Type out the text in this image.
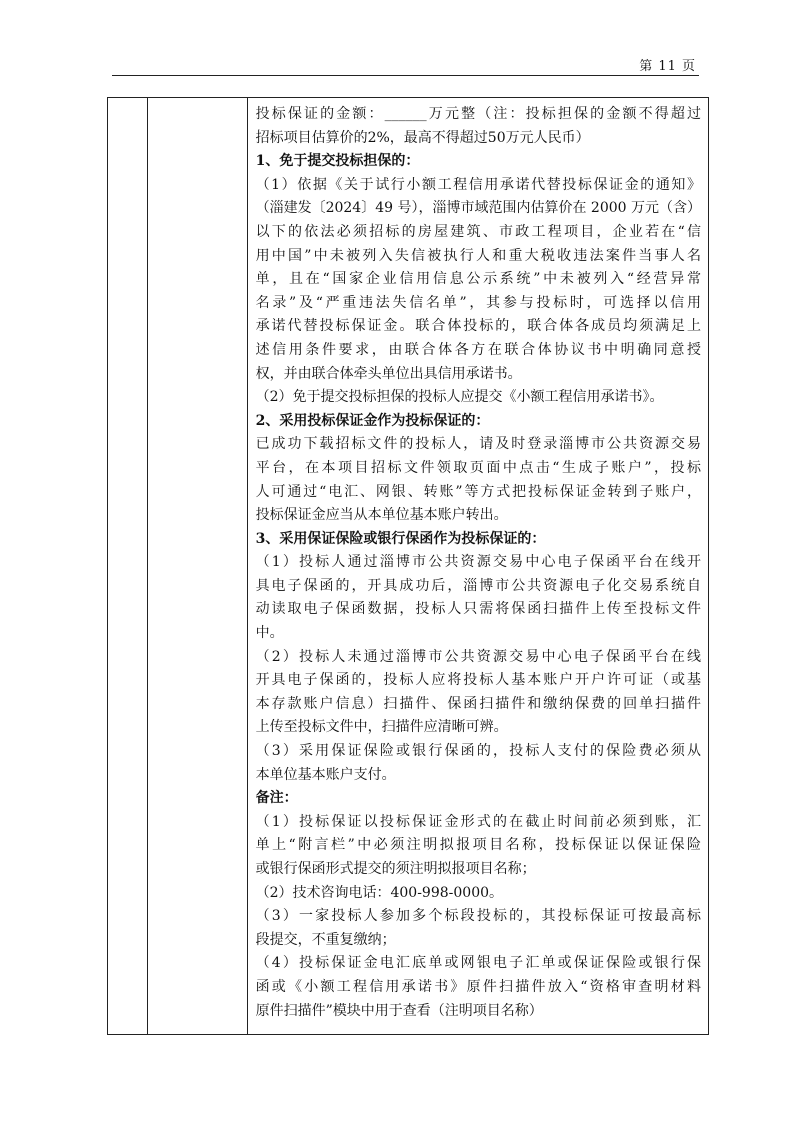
第 11 页
投标保证的金额：______万元整（注：投标担保的金额不得超过
招标项目估算价的2%，最高不得超过50万元人民币）
1、免于提交投标担保的：
（1）依据《关于试行小额工程信用承诺代替投标保证金的通知》
（淄建发〔2024〕49 号），淄博市域范围内估算价在 2000 万元（含）
以下的依法必须招标的房屋建筑、市政工程项目，企业若在“信
用中国”中未被列入失信被执行人和重大税收违法案件当事人名
单，且在“国家企业信用信息公示系统”中未被列入“经营异常
名录”及“严重违法失信名单”，其参与投标时，可选择以信用
承诺代替投标保证金。联合体投标的，联合体各成员均须满足上
述信用条件要求，由联合体各方在联合体协议书中明确同意授
权，并由联合体牵头单位出具信用承诺书。
（2）免于提交投标担保的投标人应提交《小额工程信用承诺书》。
2、采用投标保证金作为投标保证的：
已成功下载招标文件的投标人，请及时登录淄博市公共资源交易
平台，在本项目招标文件领取页面中点击“生成子账户”，投标
人可通过“电汇、网银、转账”等方式把投标保证金转到子账户，
投标保证金应当从本单位基本账户转出。
3、采用保证保险或银行保函作为投标保证的：
（1）投标人通过淄博市公共资源交易中心电子保函平台在线开
具电子保函的，开具成功后，淄博市公共资源电子化交易系统自
动读取电子保函数据，投标人只需将保函扫描件上传至投标文件
中。
（2）投标人未通过淄博市公共资源交易中心电子保函平台在线
开具电子保函的，投标人应将投标人基本账户开户许可证（或基
本存款账户信息）扫描件、保函扫描件和缴纳保费的回单扫描件
上传至投标文件中，扫描件应清晰可辨。
（3）采用保证保险或银行保函的，投标人支付的保险费必须从
本单位基本账户支付。
备注：
（1）投标保证以投标保证金形式的在截止时间前必须到账，汇
单上“附言栏”中必须注明拟报项目名称，投标保证以保证保险
或银行保函形式提交的须注明拟报项目名称；
（2）技术咨询电话：400-998-0000。
（3）一家投标人参加多个标段投标的，其投标保证可按最高标
段提交，不重复缴纳；
（4）投标保证金电汇底单或网银电子汇单或保证保险或银行保
函或《小额工程信用承诺书》原件扫描件放入“资格审查明材料
原件扫描件”模块中用于查看（注明项目名称）
